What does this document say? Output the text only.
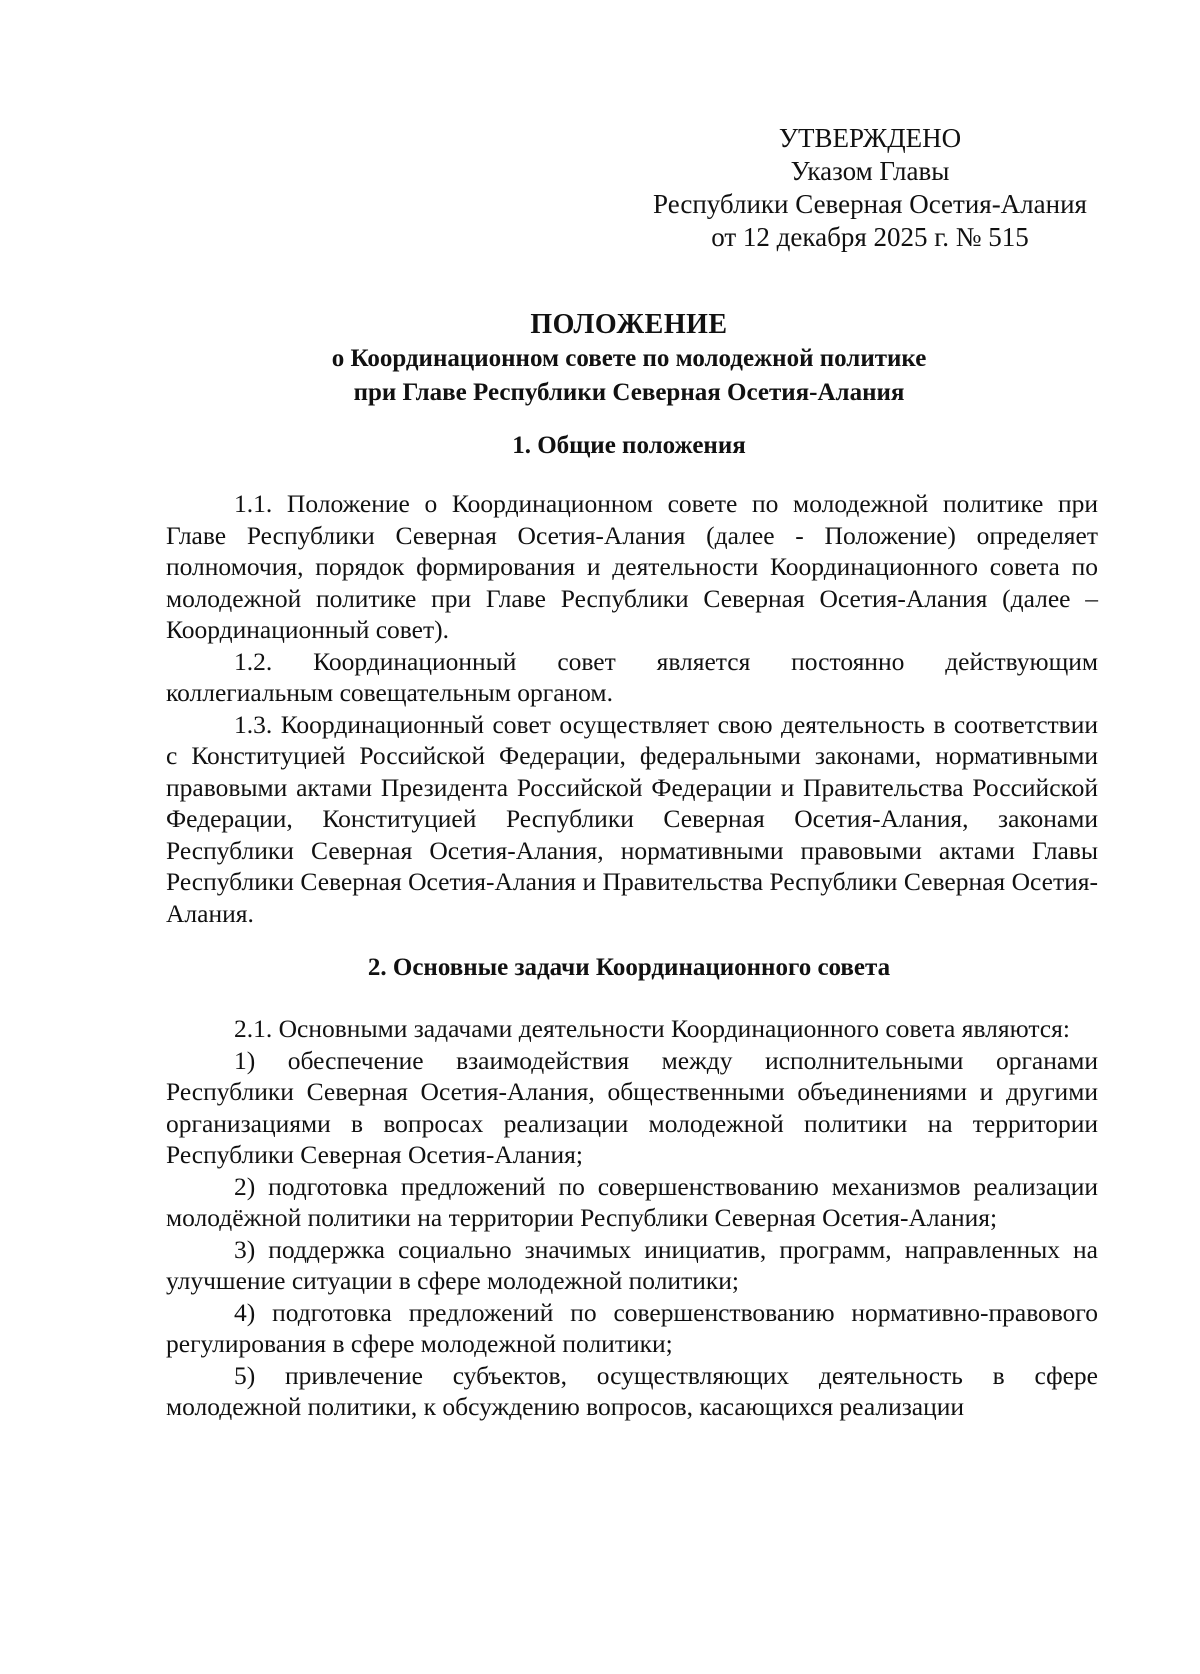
УТВЕРЖДЕНО
Указом Главы
Республики Северная Осетия-Алания
от 12 декабря 2025 г. № 515
ПОЛОЖЕНИЕ
о Координационном совете по молодежной политике
при Главе Республики Северная Осетия-Алания
1. Общие положения

1.1. Положение о Координационном совете по молодежной политике при Главе Республики Северная Осетия-Алания (далее - Положение) определяет полномочия, порядок формирования и деятельности Координационного совета по молодежной политике при Главе Республики Северная Осетия-Алания (далее – Координационный совет).

1.2. Координационный совет является постоянно действующим коллегиальным совещательным органом.

1.3. Координационный совет осуществляет свою деятельность в соответствии с Конституцией Российской Федерации, федеральными законами, нормативными правовыми актами Президента Российской Федерации и Правительства Российской Федерации, Конституцией Республики Северная Осетия-Алания, законами Республики Северная Осетия-Алания, нормативными правовыми актами Главы Республики Северная Осетия-Алания и Правительства Республики Северная Осетия-Алания.

2. Основные задачи Координационного совета

2.1. Основными задачами деятельности Координационного совета являются:

1) обеспечение взаимодействия между исполнительными органами Республики Северная Осетия-Алания, общественными объединениями и другими организациями в вопросах реализации молодежной политики на территории Республики Северная Осетия-Алания;

2) подготовка предложений по совершенствованию механизмов реализации молодёжной политики на территории Республики Северная Осетия-Алания;

3) поддержка социально значимых инициатив, программ, направленных на улучшение ситуации в сфере молодежной политики;

4) подготовка предложений по совершенствованию нормативно-правового регулирования в сфере молодежной политики;

5) привлечение субъектов, осуществляющих деятельность в сфере молодежной политики, к обсуждению вопросов, касающихся реализации
